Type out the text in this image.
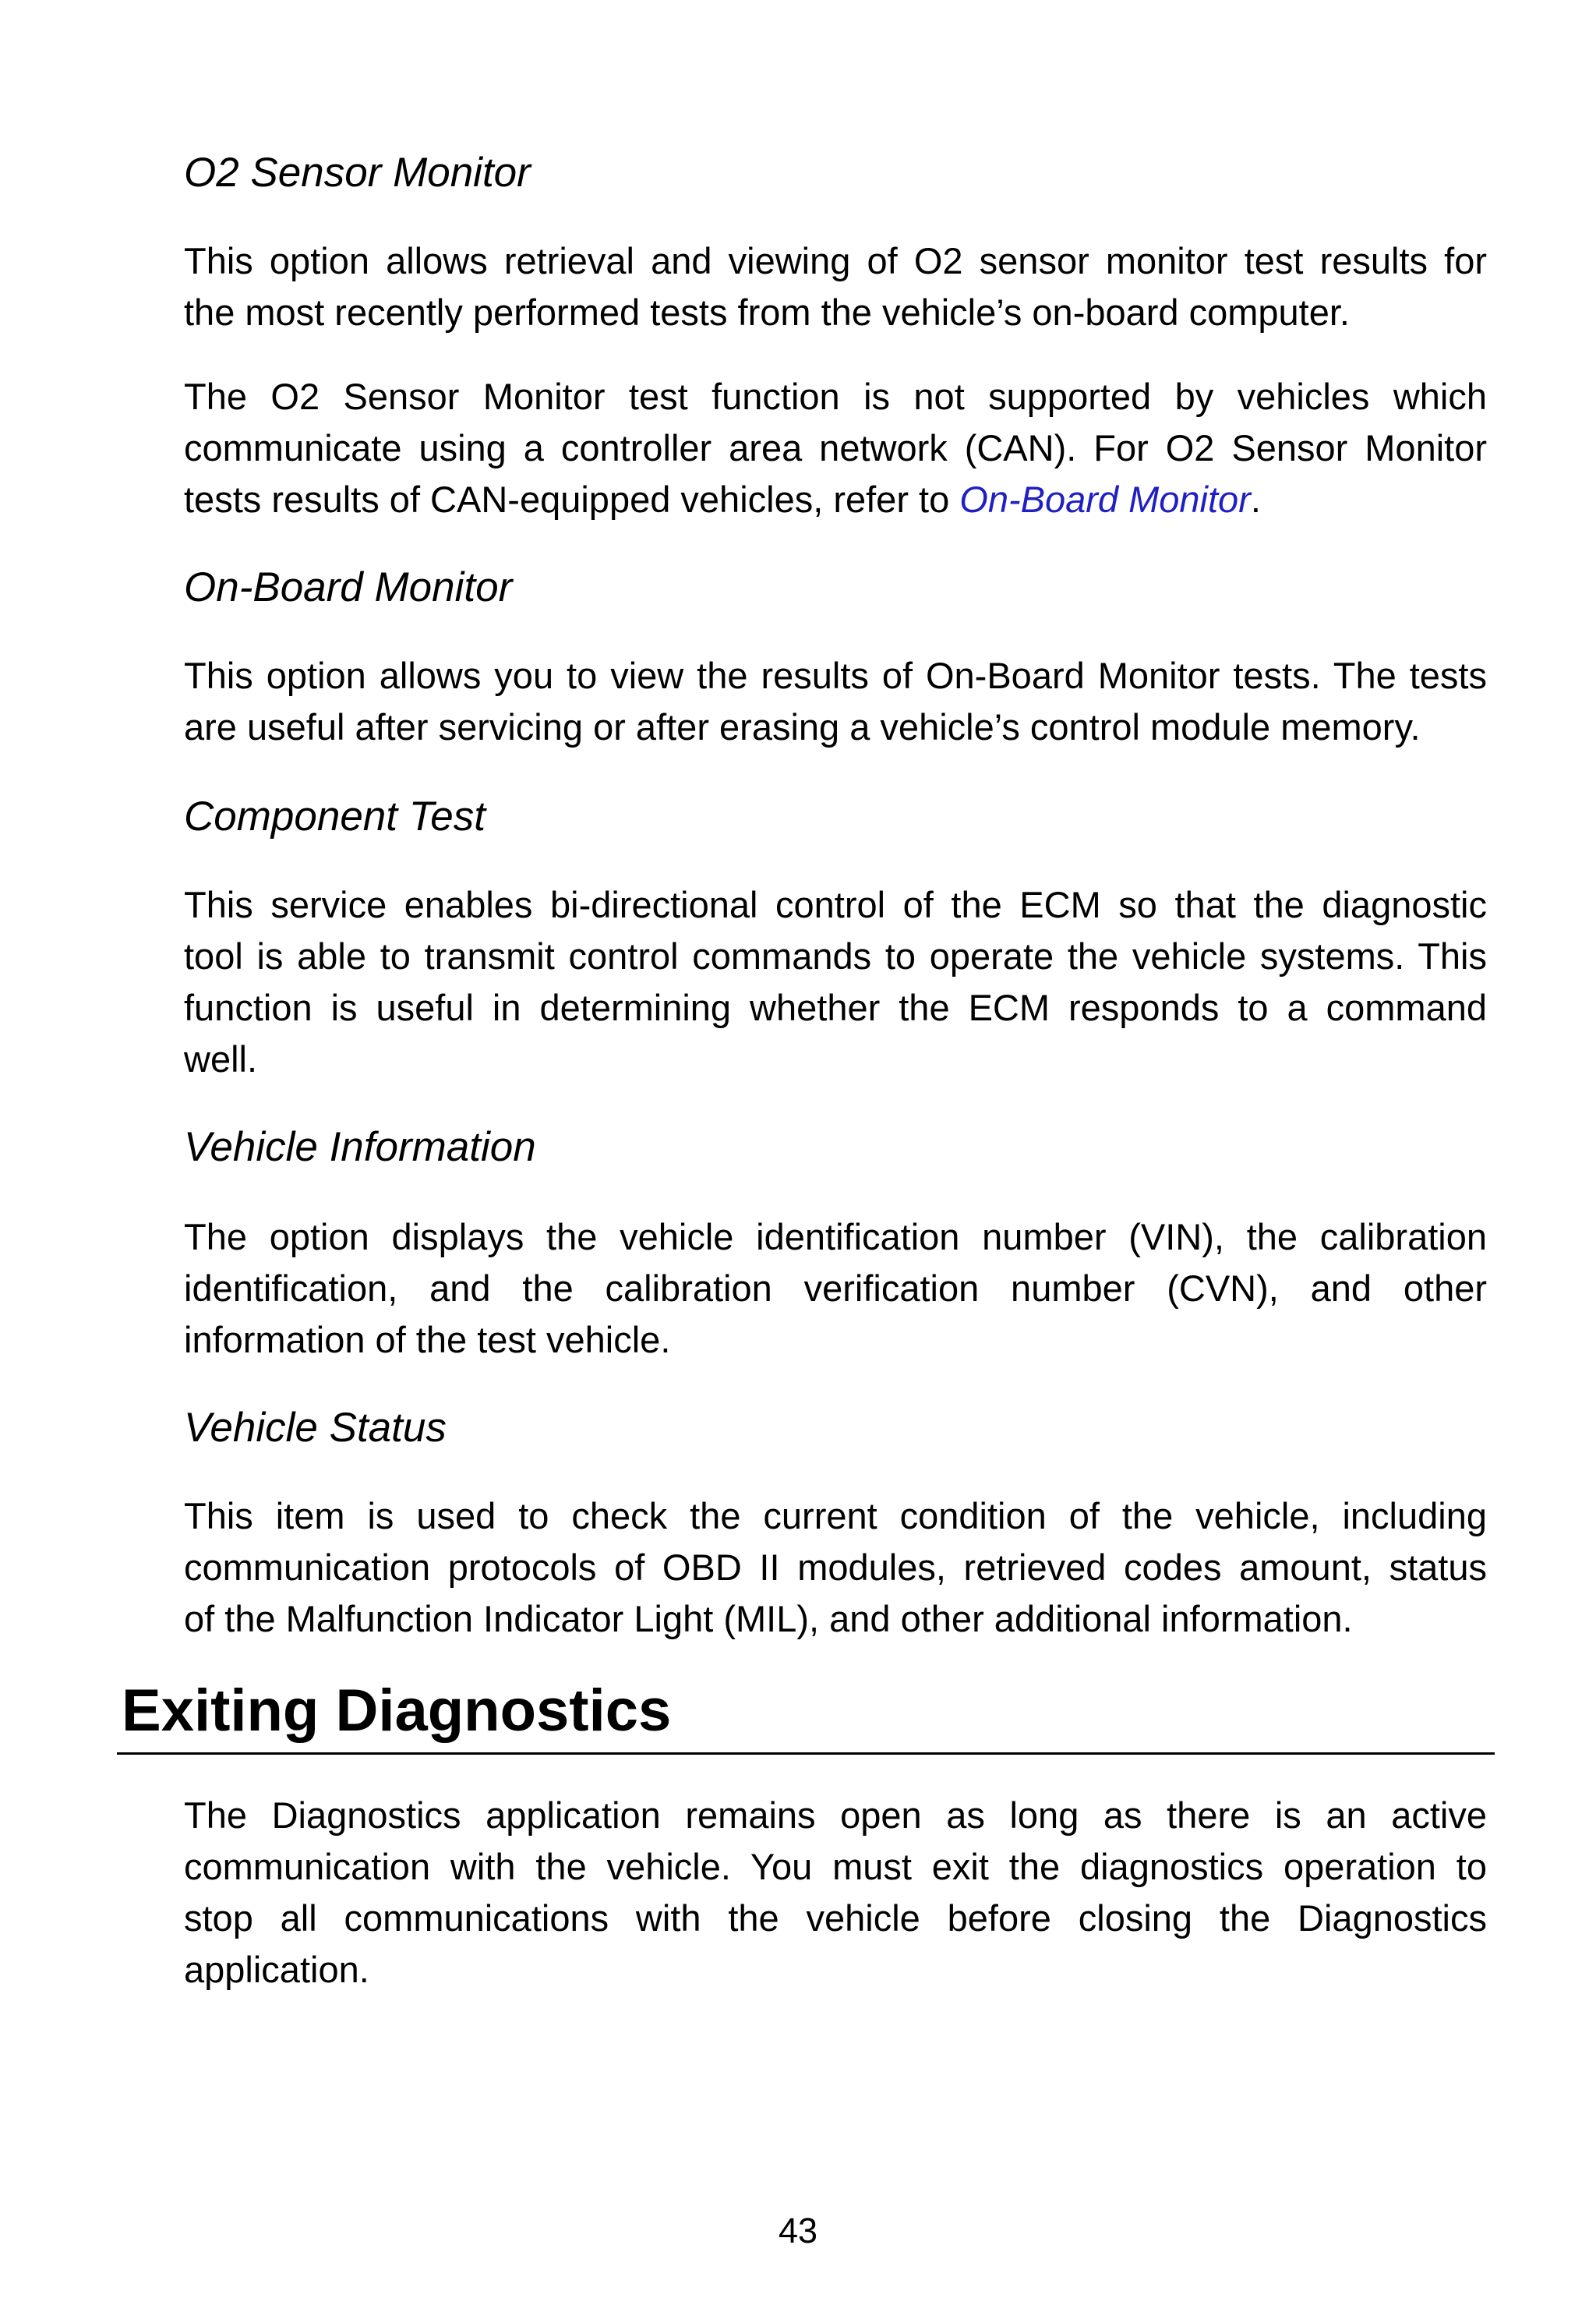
O2 Sensor Monitor

This option allows retrieval and viewing of O2 sensor monitor test results for
the most recently performed tests from the vehicle’s on-board computer.

The O2 Sensor Monitor test function is not supported by vehicles which
communicate using a controller area network (CAN). For O2 Sensor Monitor
tests results of CAN-equipped vehicles, refer to On-Board Monitor.

On-Board Monitor

This option allows you to view the results of On-Board Monitor tests. The tests
are useful after servicing or after erasing a vehicle’s control module memory.

Component Test

This service enables bi-directional control of the ECM so that the diagnostic
tool is able to transmit control commands to operate the vehicle systems. This
function is useful in determining whether the ECM responds to a command
well.

Vehicle Information

The option displays the vehicle identification number (VIN), the calibration
identification, and the calibration verification number (CVN), and other
information of the test vehicle.

Vehicle Status

This item is used to check the current condition of the vehicle, including
communication protocols of OBD II modules, retrieved codes amount, status
of the Malfunction Indicator Light (MIL), and other additional information.

Exiting Diagnostics

The Diagnostics application remains open as long as there is an active
communication with the vehicle. You must exit the diagnostics operation to
stop all communications with the vehicle before closing the Diagnostics
application.

43
